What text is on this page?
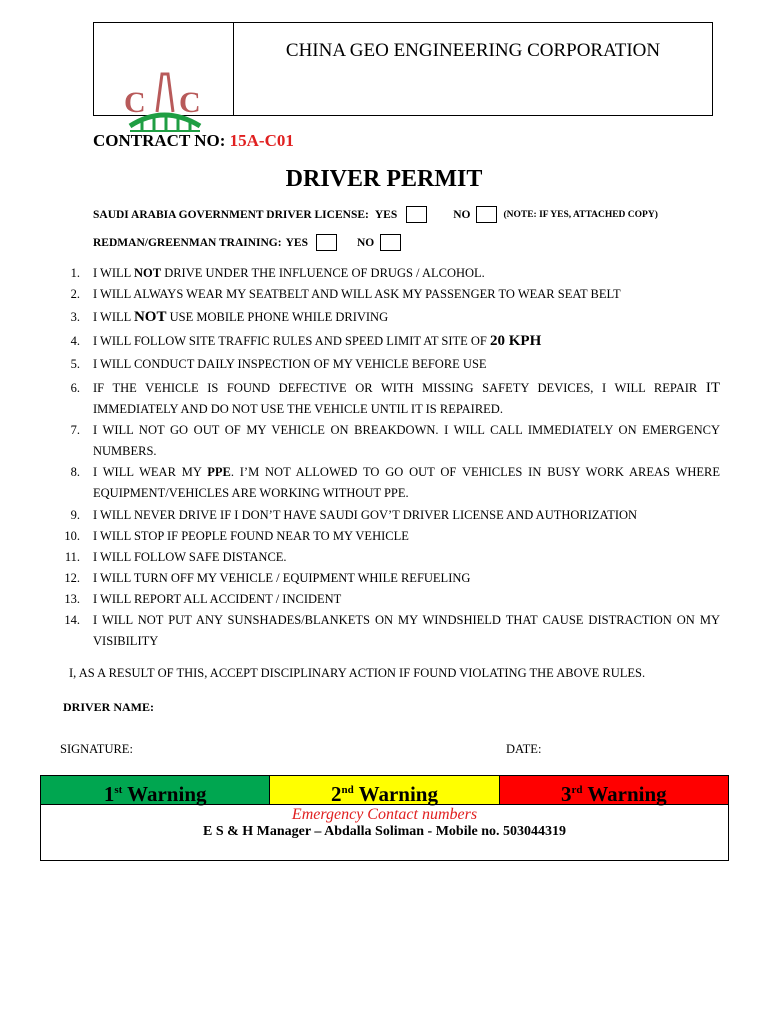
C C
CHINA GEO ENGINEERING CORPORATION
CONTRACT NO: 15A-C01
DRIVER PERMIT
SAUDI ARABIA GOVERNMENT DRIVER LICENSE: YES	NO	(NOTE: IF YES, ATTACHED COPY)
REDMAN/GREENMAN TRAINING: YES	NO
1. I WILL NOT DRIVE UNDER THE INFLUENCE OF DRUGS / ALCOHOL.
2. I WILL ALWAYS WEAR MY SEATBELT AND WILL ASK MY PASSENGER TO WEAR SEAT BELT
3. I WILL NOT USE MOBILE PHONE WHILE DRIVING
4. I WILL FOLLOW SITE TRAFFIC RULES AND SPEED LIMIT AT SITE OF 20 KPH
5. I WILL CONDUCT DAILY INSPECTION OF MY VEHICLE BEFORE USE
6. IF THE VEHICLE IS FOUND DEFECTIVE OR WITH MISSING SAFETY DEVICES, I WILL REPAIR IT IMMEDIATELY AND DO NOT USE THE VEHICLE UNTIL IT IS REPAIRED.
7. I WILL NOT GO OUT OF MY VEHICLE ON BREAKDOWN. I WILL CALL IMMEDIATELY ON EMERGENCY NUMBERS.
8. I WILL WEAR MY PPE. I’M NOT ALLOWED TO GO OUT OF VEHICLES IN BUSY WORK AREAS WHERE EQUIPMENT/VEHICLES ARE WORKING WITHOUT PPE.
9. I WILL NEVER DRIVE IF I DON’T HAVE SAUDI GOV’T DRIVER LICENSE AND AUTHORIZATION
10. I WILL STOP IF PEOPLE FOUND NEAR TO MY VEHICLE
11. I WILL FOLLOW SAFE DISTANCE.
12. I WILL TURN OFF MY VEHICLE / EQUIPMENT WHILE REFUELING
13. I WILL REPORT ALL ACCIDENT / INCIDENT
14. I WILL NOT PUT ANY SUNSHADES/BLANKETS ON MY WINDSHIELD THAT CAUSE DISTRACTION ON MY VISIBILITY
I, AS A RESULT OF THIS, ACCEPT DISCIPLINARY ACTION IF FOUND VIOLATING THE ABOVE RULES.
DRIVER NAME:
SIGNATURE:	DATE:
1st Warning	2nd Warning	3rd Warning
Emergency Contact numbers
E S & H Manager – Abdalla Soliman - Mobile no. 503044319
